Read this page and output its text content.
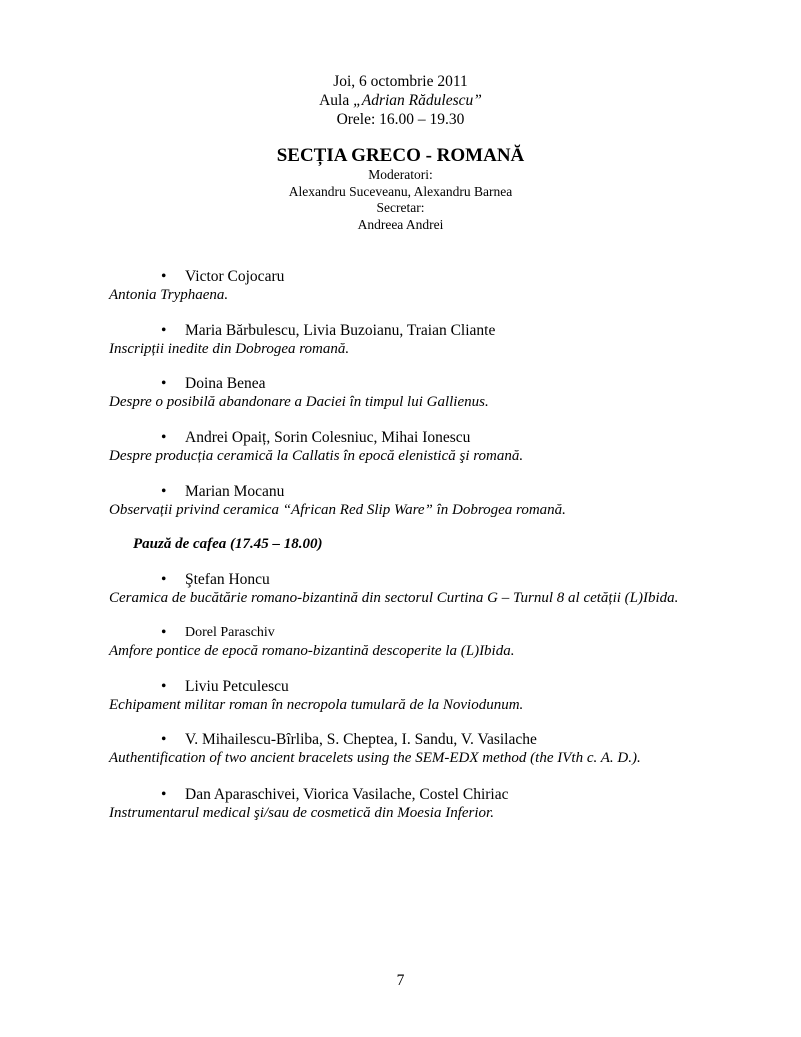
Joi, 6 octombrie 2011
Aula „Adrian Rădulescu”
Orele: 16.00 – 19.30
SECȚIA GRECO - ROMANĂ
Moderatori:
Alexandru Suceveanu, Alexandru Barnea
Secretar:
Andreea Andrei
• Victor Cojocaru
Antonia Tryphaena.
• Maria Bărbulescu, Livia Buzoianu, Traian Cliante
Inscripții inedite din Dobrogea romană.
• Doina Benea
Despre o posibilă abandonare a Daciei în timpul lui Gallienus.
• Andrei Opaiț, Sorin Colesniuc, Mihai Ionescu
Despre producția ceramică la Callatis în epocă elenistică şi romană.
• Marian Mocanu
Observații privind ceramica “African Red Slip Ware” în Dobrogea romană.
Pauză de cafea (17.45 – 18.00)
• Ştefan Honcu
Ceramica de bucătărie romano-bizantină din sectorul Curtina G – Turnul 8 al cetății (L)Ibida.
• Dorel Paraschiv
Amfore pontice de epocă romano-bizantină descoperite la (L)Ibida.
• Liviu Petculescu
Echipament militar roman în necropola tumulară de la Noviodunum.
• V. Mihailescu-Bîrliba, S. Cheptea, I. Sandu, V. Vasilache
Authentification of two ancient bracelets using the SEM-EDX method (the IVth c. A. D.).
• Dan Aparaschivei, Viorica Vasilache, Costel Chiriac
Instrumentarul medical şi/sau de cosmetică din Moesia Inferior.
7
